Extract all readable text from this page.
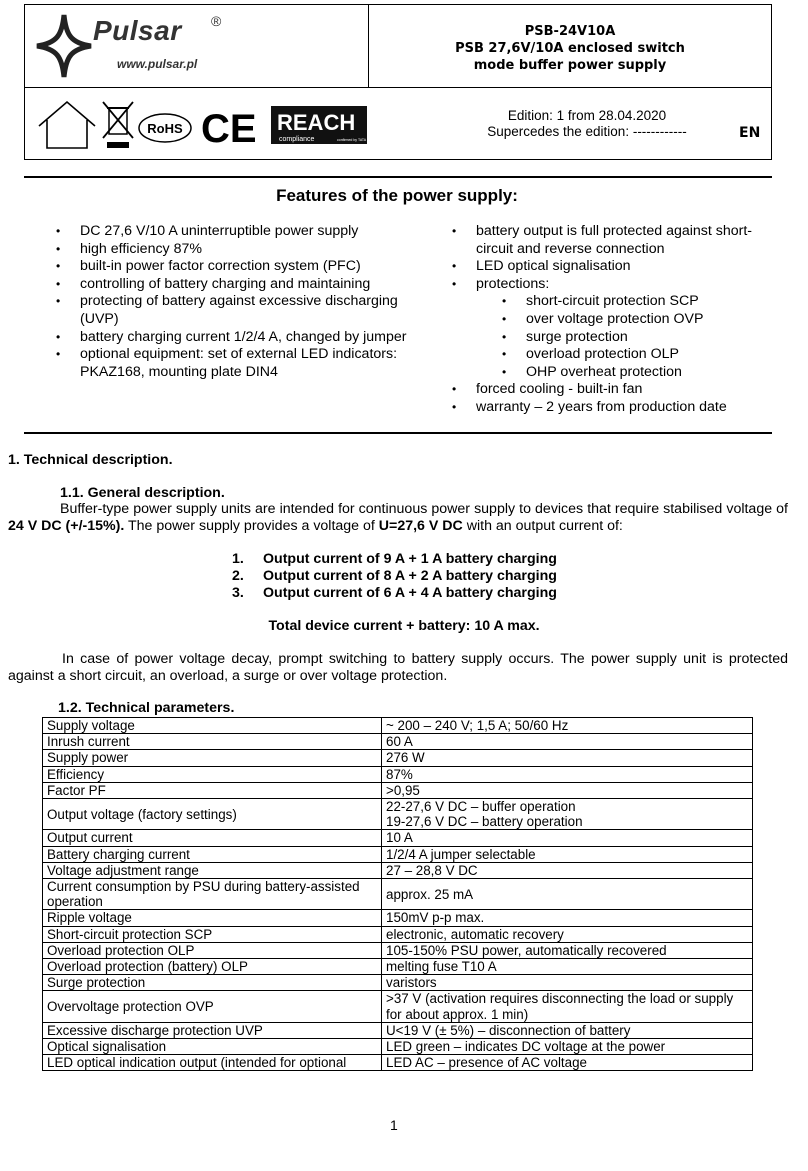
Pulsar ®
www.pulsar.pl
PSB-24V10A
PSB 27,6V/10A enclosed switch
mode buffer power supply
RoHS CE REACH
compliance	confirmed by TATA
Edition: 1 from 28.04.2020
Supercedes the edition: ------------	EN
Features of the power supply:
• DC 27,6 V/10 A uninterruptible power supply
• high efficiency 87%
• built-in power factor correction system (PFC)
• controlling of battery charging and maintaining
• protecting of battery against excessive discharging (UVP)
• battery charging current 1/2/4 A, changed by jumper
• optional equipment: set of external LED indicators: PKAZ168, mounting plate DIN4
• battery output is full protected against short-circuit and reverse connection
• LED optical signalisation
• protections:
• short-circuit protection SCP
• over voltage protection OVP
• surge protection
• overload protection OLP
• OHP overheat protection
• forced cooling - built-in fan
• warranty – 2 years from production date
1. Technical description.
1.1. General description.
Buffer-type power supply units are intended for continuous power supply to devices that require stabilised voltage of 24 V DC (+/-15%). The power supply provides a voltage of U=27,6 V DC with an output current of:
1. Output current of 9 A + 1 A battery charging
2. Output current of 8 A + 2 A battery charging
3. Output current of 6 A + 4 A battery charging
Total device current + battery: 10 A max.
In case of power voltage decay, prompt switching to battery supply occurs. The power supply unit is protected against a short circuit, an overload, a surge or over voltage protection.
1.2. Technical parameters.
Supply voltage	~ 200 – 240 V; 1,5 A; 50/60 Hz
Inrush current	60 A
Supply power	276 W
Efficiency	87%
Factor PF	>0,95
Output voltage (factory settings)	22-27,6 V DC – buffer operation
19-27,6 V DC – battery operation
Output current	10 A
Battery charging current	1/2/4 A jumper selectable
Voltage adjustment range	27 – 28,8 V DC
Current consumption by PSU during battery-assisted operation	approx. 25 mA
Ripple voltage	150mV p-p max.
Short-circuit protection SCP	electronic, automatic recovery
Overload protection OLP	105-150% PSU power, automatically recovered
Overload protection (battery) OLP	melting fuse T10 A
Surge protection	varistors
Overvoltage protection OVP	>37 V (activation requires disconnecting the load or supply for about approx. 1 min)
Excessive discharge protection UVP	U<19 V (± 5%) – disconnection of battery
Optical signalisation	LED green – indicates DC voltage at the power
LED optical indication output (intended for optional	LED AC – presence of AC voltage
1
